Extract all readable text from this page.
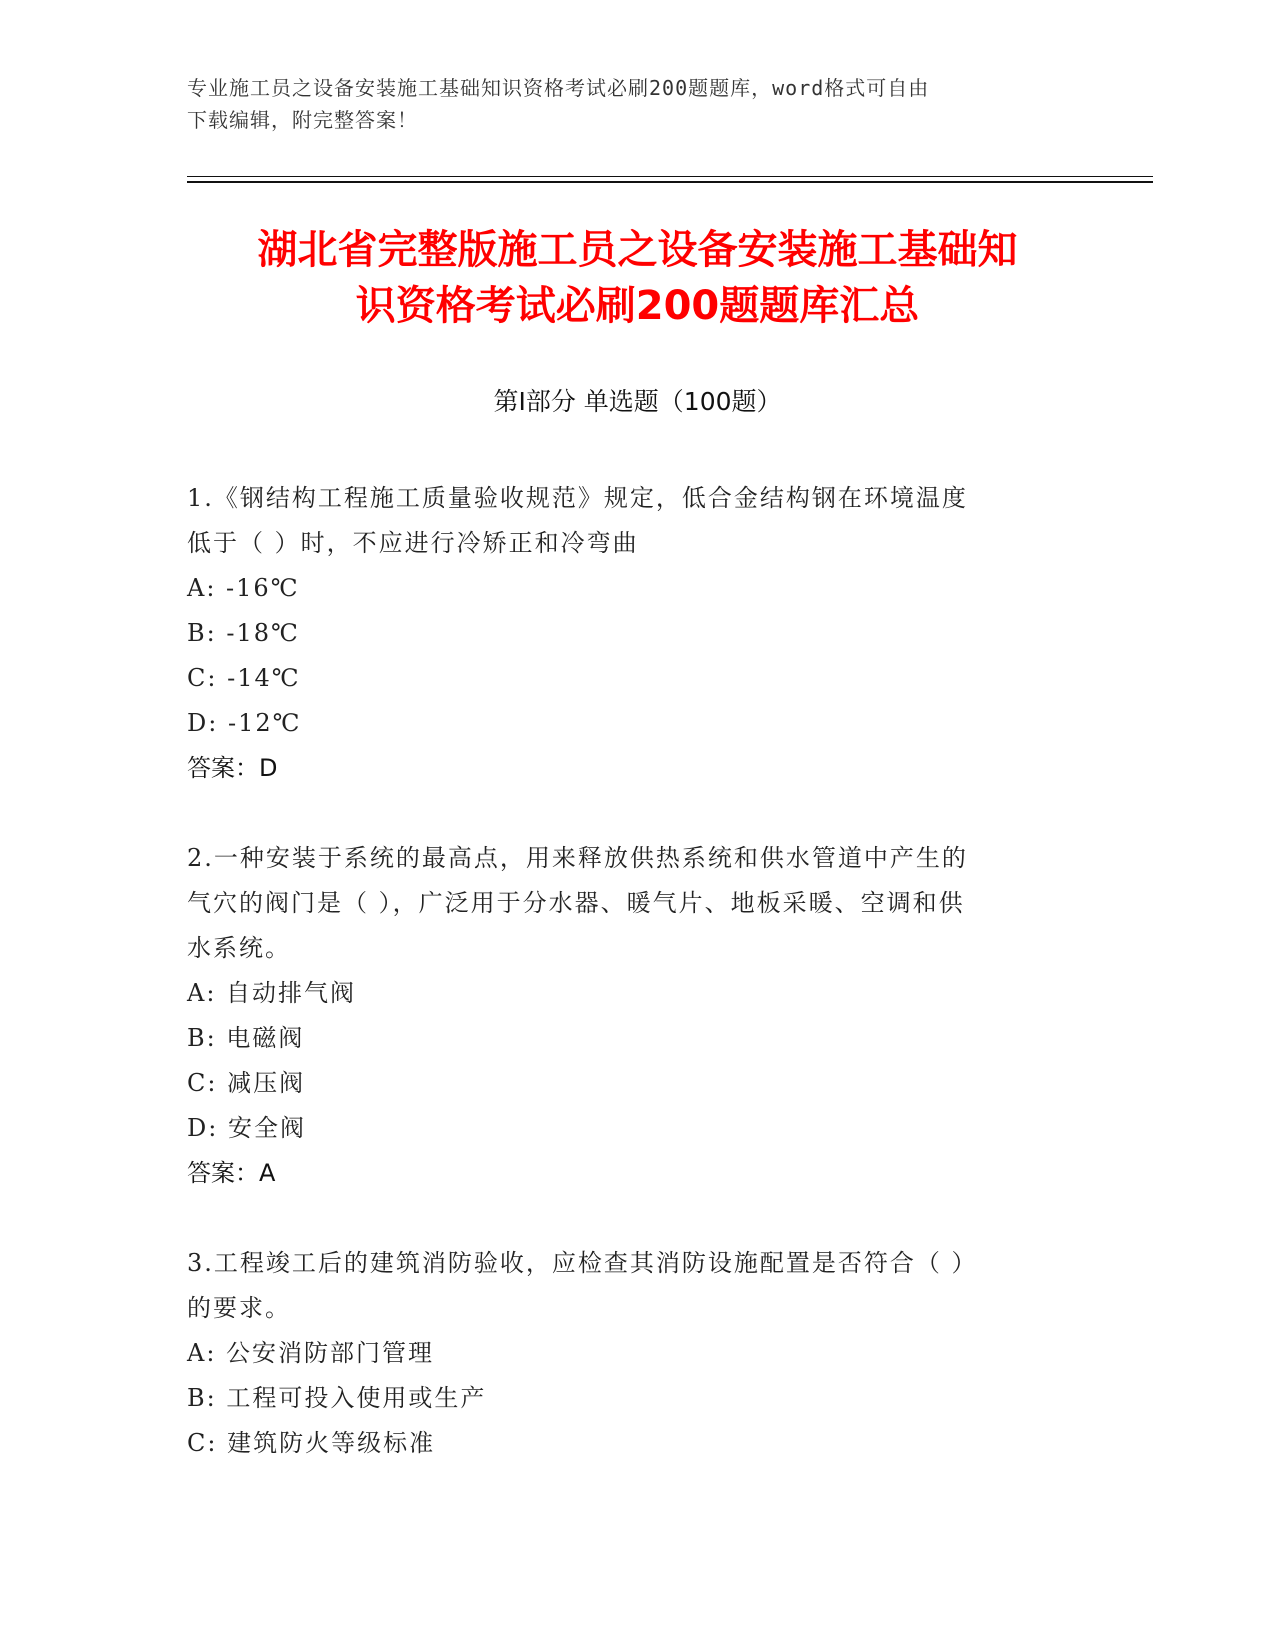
专业施工员之设备安装施工基础知识资格考试必刷200题题库，word格式可自由
下载编辑，附完整答案！
湖北省完整版施工员之设备安装施工基础知
识资格考试必刷200题题库汇总
第Ⅰ部分 单选题（100题）
1.《钢结构工程施工质量验收规范》规定，低合金结构钢在环境温度
低于（ ）时，不应进行冷矫正和冷弯曲
A: -16℃
B: -18℃
C: -14℃
D: -12℃
答案：D
2.一种安装于系统的最高点，用来释放供热系统和供水管道中产生的
气穴的阀门是（ ），广泛用于分水器、暖气片、地板采暖、空调和供
水系统。
A: 自动排气阀
B: 电磁阀
C: 减压阀
D: 安全阀
答案：A
3.工程竣工后的建筑消防验收，应检查其消防设施配置是否符合（ ）
的要求。
A: 公安消防部门管理
B: 工程可投入使用或生产
C: 建筑防火等级标准
